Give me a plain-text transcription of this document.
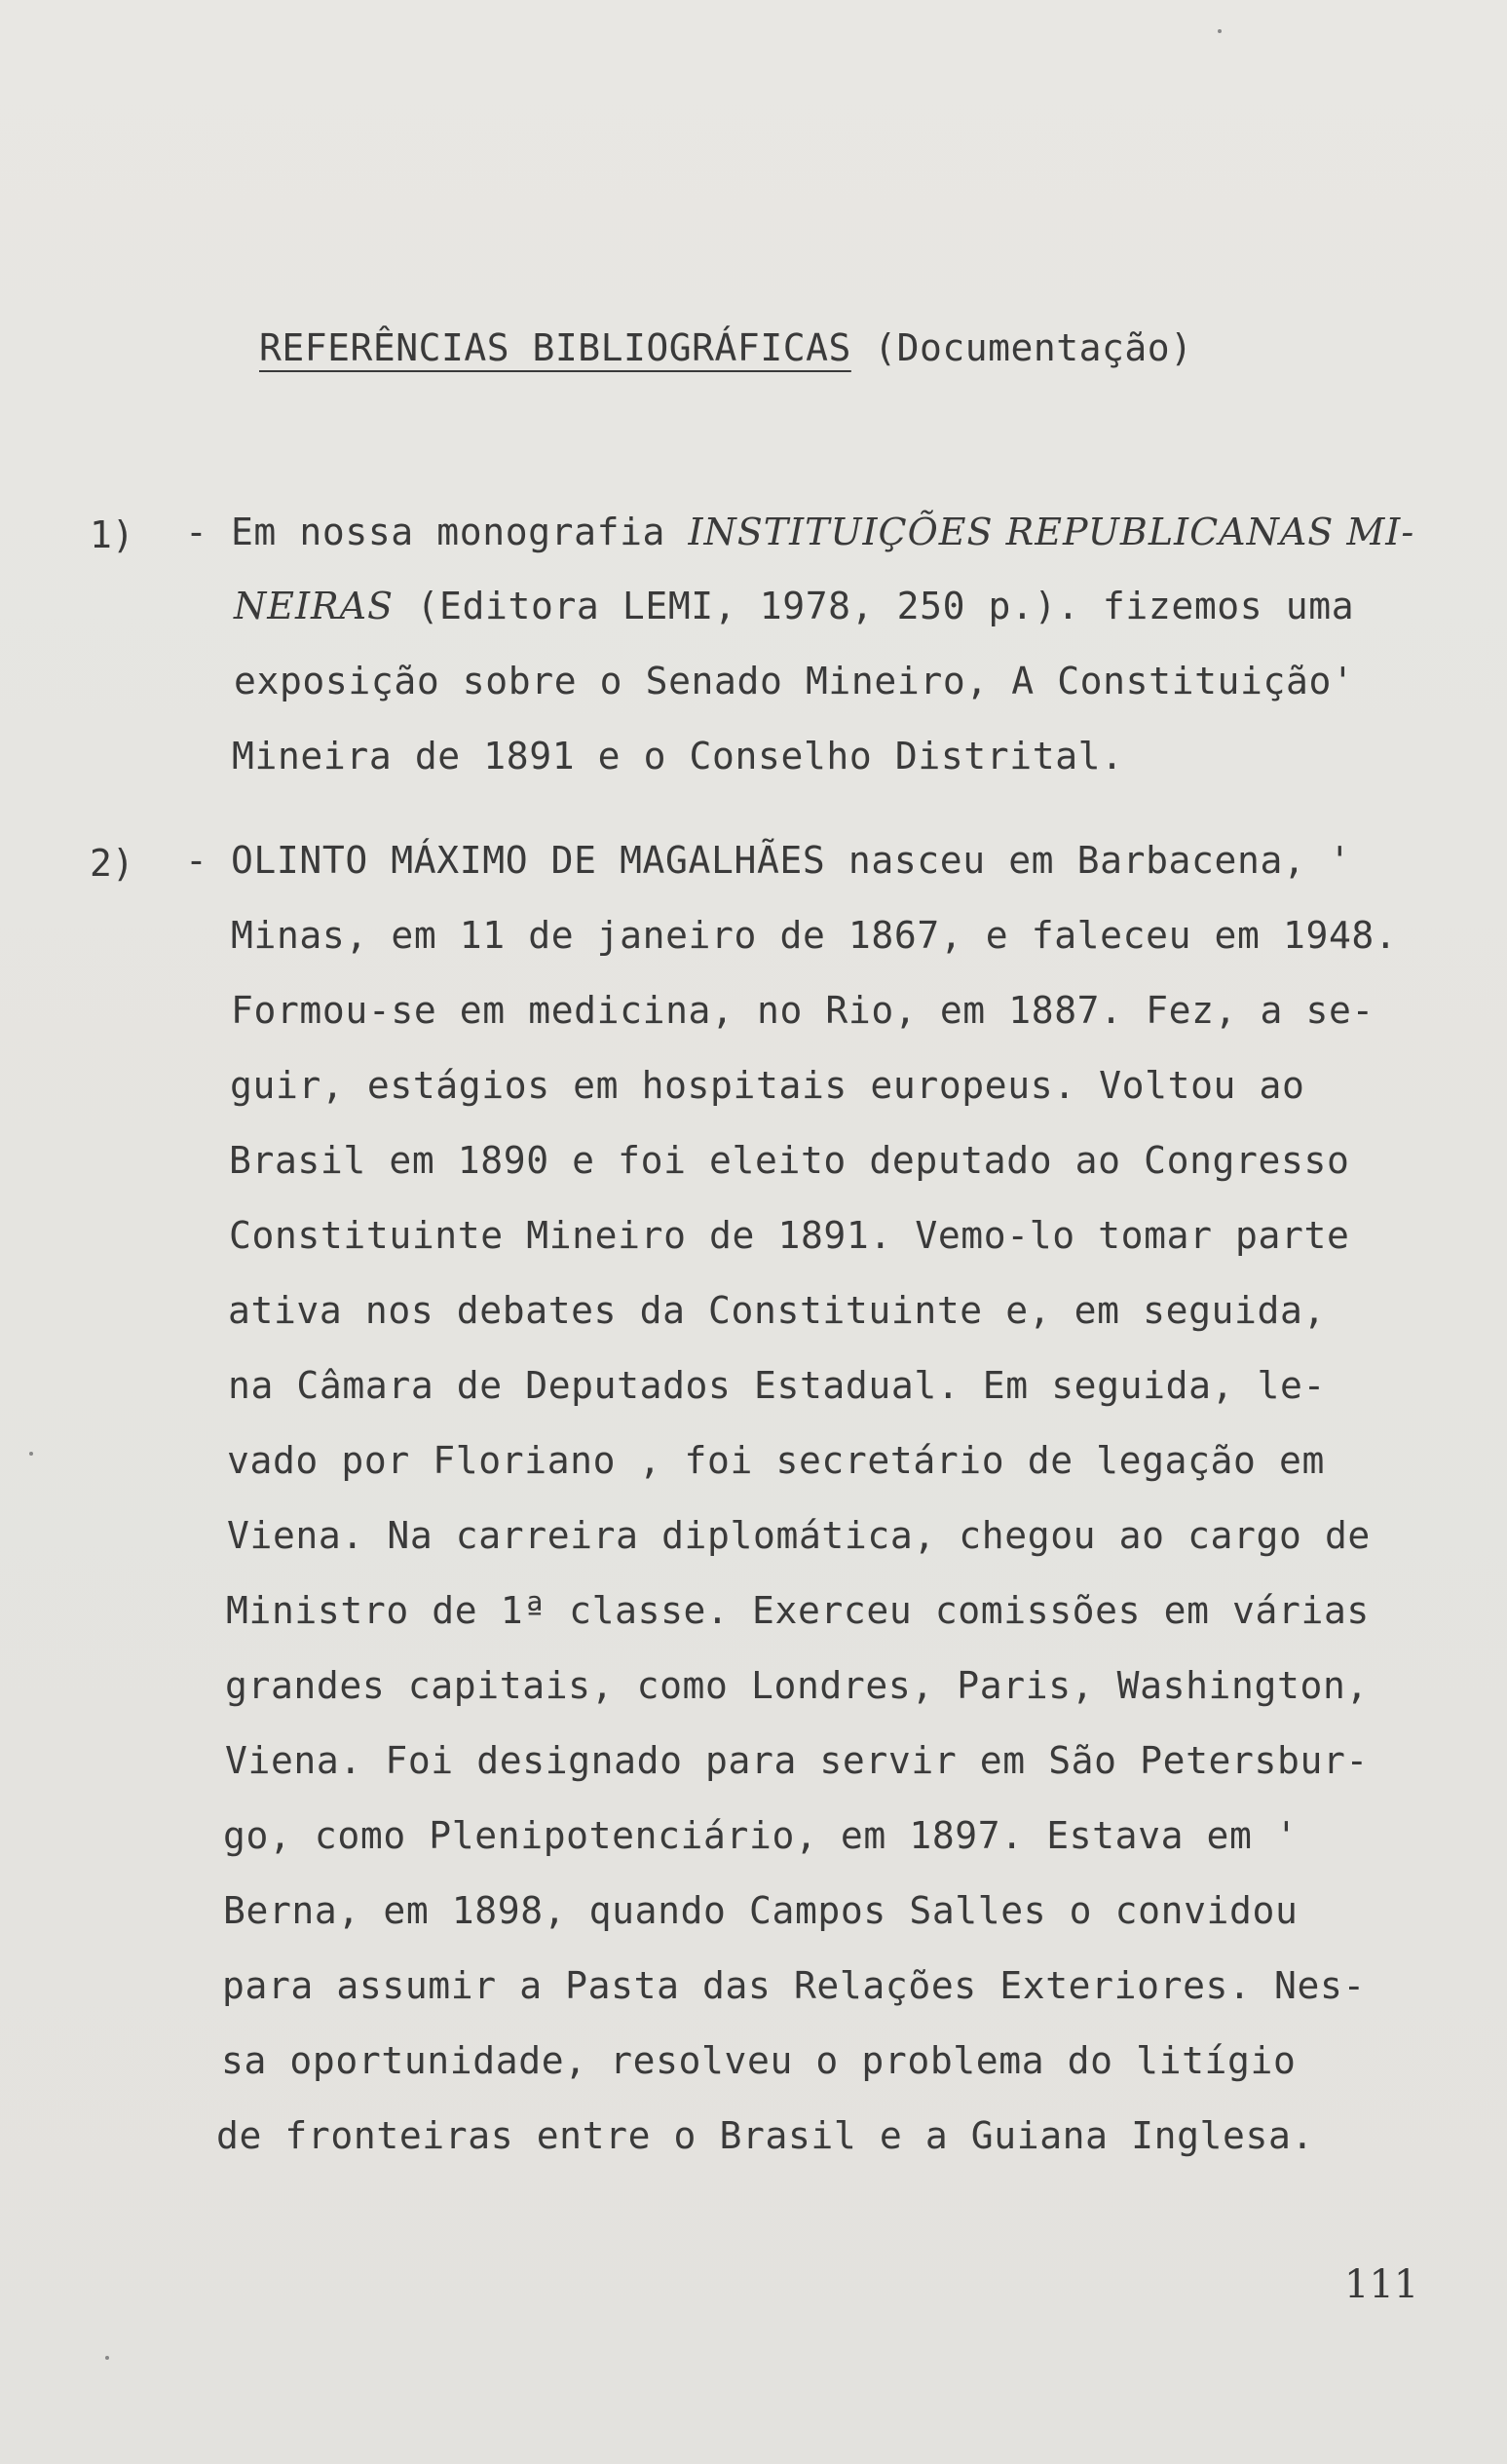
REFERÊNCIAS BIBLIOGRÁFICAS (Documentação)
1) - Em nossa monografia INSTITUIÇÕES REPUBLICANAS MI-
NEIRAS (Editora LEMI, 1978, 250 p.). fizemos uma
exposição sobre o Senado Mineiro, A Constituição'
Mineira de 1891 e o Conselho Distrital.
2) - OLINTO MÁXIMO DE MAGALHÃES nasceu em Barbacena, '
Minas, em 11 de janeiro de 1867, e faleceu em 1948.
Formou-se em medicina, no Rio, em 1887. Fez, a se-
guir, estágios em hospitais europeus. Voltou ao
Brasil em 1890 e foi eleito deputado ao Congresso
Constituinte Mineiro de 1891. Vemo-lo tomar parte
ativa nos debates da Constituinte e, em seguida,
na Câmara de Deputados Estadual. Em seguida, le-
vado por Floriano , foi secretário de legação em
Viena. Na carreira diplomática, chegou ao cargo de
Ministro de 1ª classe. Exerceu comissões em várias
grandes capitais, como Londres, Paris, Washington,
Viena. Foi designado para servir em São Petersbur-
go, como Plenipotenciário, em 1897. Estava em '
Berna, em 1898, quando Campos Salles o convidou
para assumir a Pasta das Relações Exteriores. Nes-
sa oportunidade, resolveu o problema do litígio
de fronteiras entre o Brasil e a Guiana Inglesa.
111
